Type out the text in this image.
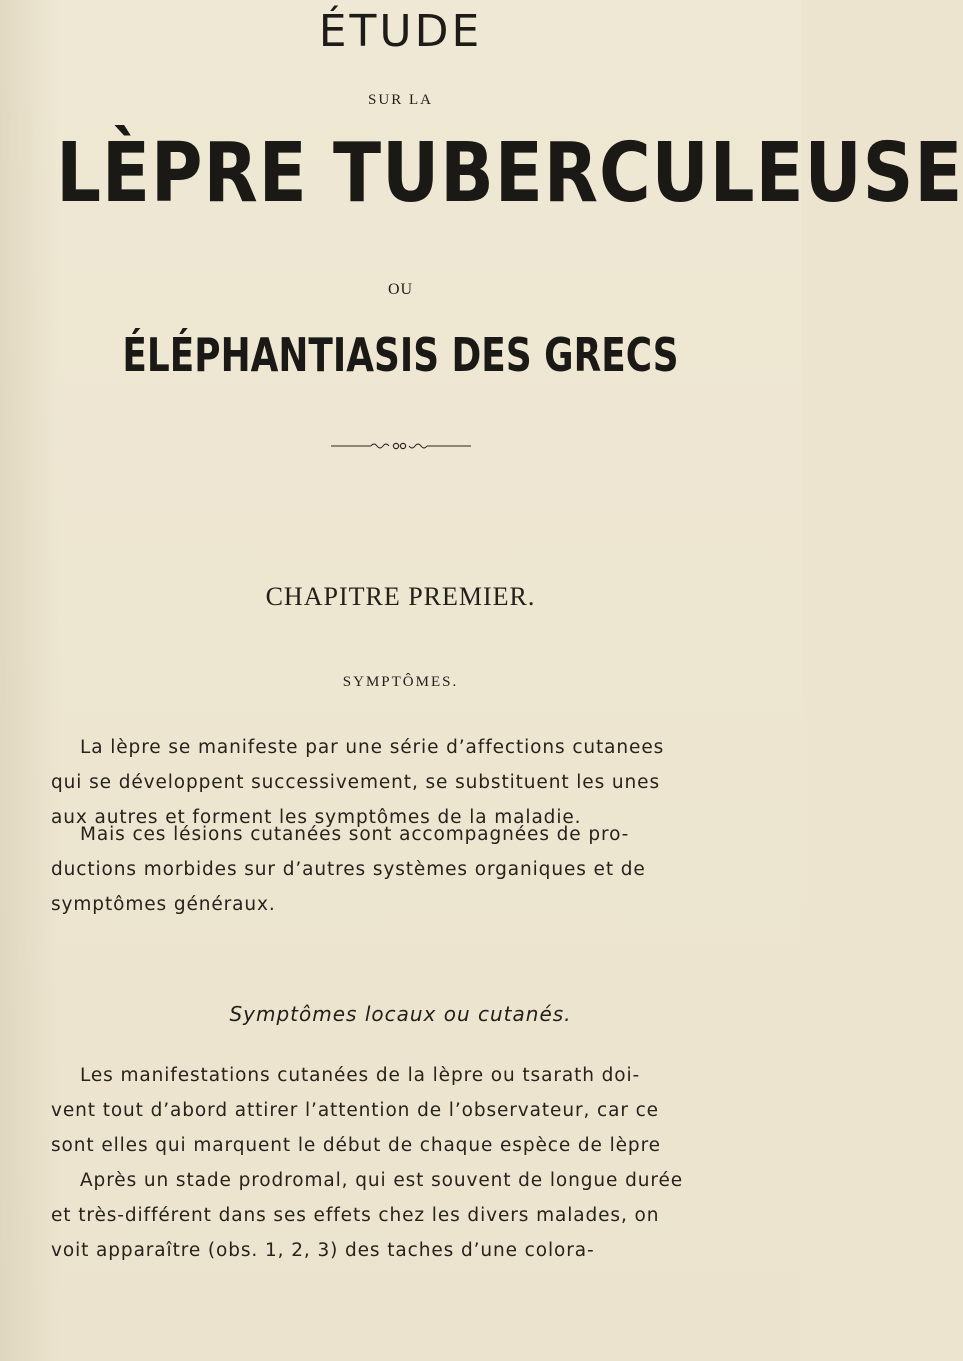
ÉTUDE
SUR LA
LÈPRE TUBERCULEUSE
OU
ÉLÉPHANTIASIS DES GRECS
CHAPITRE PREMIER.
SYMPTÔMES.
La lèpre se manifeste par une série d’affections cutanees
qui se développent successivement, se substituent les unes
aux autres et forment les symptômes de la maladie.
Mais ces lésions cutanées sont accompagnées de pro-
ductions morbides sur d’autres systèmes organiques et de
symptômes généraux.
Symptômes locaux ou cutanés.
Les manifestations cutanées de la lèpre ou tsarath doi-
vent tout d’abord attirer l’attention de l’observateur, car ce
sont elles qui marquent le début de chaque espèce de lèpre
Après un stade prodromal, qui est souvent de longue durée
et très-différent dans ses effets chez les divers malades, on
voit apparaître (obs. 1, 2, 3) des taches d’une colora-
